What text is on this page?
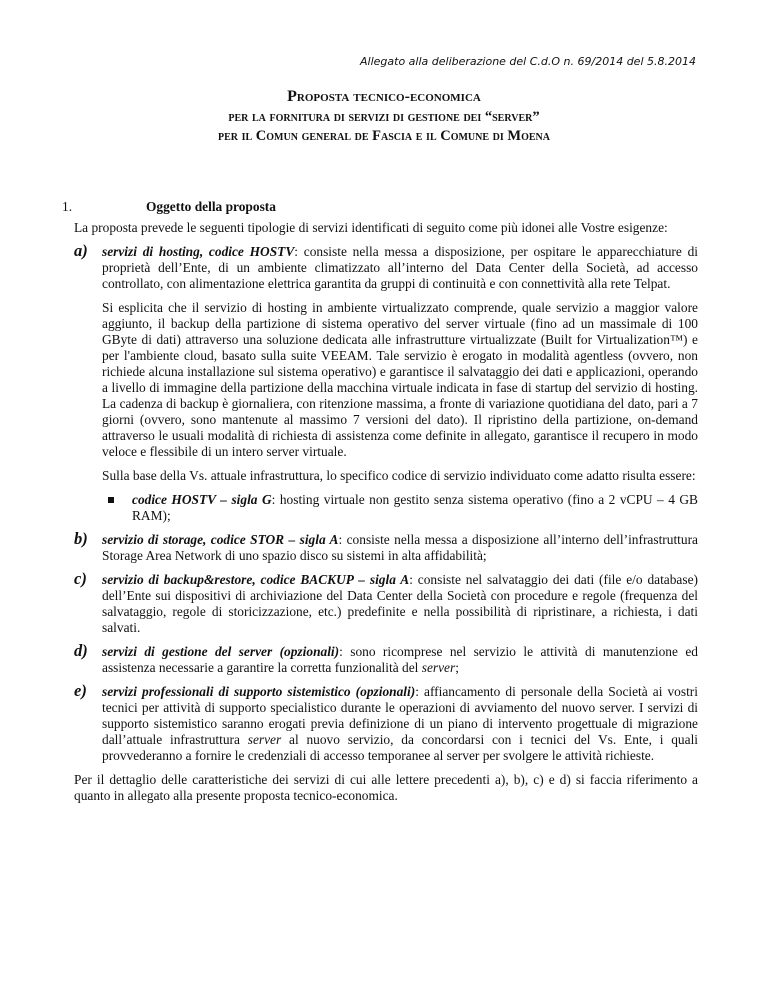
Allegato alla deliberazione del C.d.O n. 69/2014 del 5.8.2014
Proposta tecnico-economica
per la fornitura di servizi di gestione dei “server”
per il Comun general de Fascia e il Comune di Moena
1.	Oggetto della proposta

La proposta prevede le seguenti tipologie di servizi identificati di seguito come più idonei alle Vostre esigenze:

a) servizi di hosting, codice HOSTV: consiste nella messa a disposizione, per ospitare le apparecchiature di proprietà dell’Ente, di un ambiente climatizzato all’interno del Data Center della Società, ad accesso controllato, con alimentazione elettrica garantita da gruppi di continuità e con connettività alla rete Telpat.

Si esplicita che il servizio di hosting in ambiente virtualizzato comprende, quale servizio a maggior valore aggiunto, il backup della partizione di sistema operativo del server virtuale (fino ad un massimale di 100 GByte di dati) attraverso una soluzione dedicata alle infrastrutture virtualizzate (Built for Virtualization™) e per l'ambiente cloud, basato sulla suite VEEAM. Tale servizio è erogato in modalità agentless (ovvero, non richiede alcuna installazione sul sistema operativo) e garantisce il salvataggio dei dati e applicazioni, operando a livello di immagine della partizione della macchina virtuale indicata in fase di startup del servizio di hosting. La cadenza di backup è giornaliera, con ritenzione massima, a fronte di variazione quotidiana del dato, pari a 7 giorni (ovvero, sono mantenute al massimo 7 versioni del dato). Il ripristino della partizione, on-demand attraverso le usuali modalità di richiesta di assistenza come definite in allegato, garantisce il recupero in modo veloce e flessibile di un intero server virtuale.

Sulla base della Vs. attuale infrastruttura, lo specifico codice di servizio individuato come adatto risulta essere:

codice HOSTV – sigla G: hosting virtuale non gestito senza sistema operativo (fino a 2 vCPU – 4 GB RAM);
b) servizio di storage, codice STOR – sigla A: consiste nella messa a disposizione all’interno dell’infrastruttura Storage Area Network di uno spazio disco su sistemi in alta affidabilità;
c) servizio di backup&restore, codice BACKUP – sigla A: consiste nel salvataggio dei dati (file e/o database) dell’Ente sui dispositivi di archiviazione del Data Center della Società con procedure e regole (frequenza del salvataggio, regole di storicizzazione, etc.) predefinite e nella possibilità di ripristinare, a richiesta, i dati salvati.
d) servizi di gestione del server (opzionali): sono ricomprese nel servizio le attività di manutenzione ed assistenza necessarie a garantire la corretta funzionalità del server;
e) servizi professionali di supporto sistemistico (opzionali): affiancamento di personale della Società ai vostri tecnici per attività di supporto specialistico durante le operazioni di avviamento del nuovo server. I servizi di supporto sistemistico saranno erogati previa definizione di un piano di intervento progettuale di migrazione dall’attuale infrastruttura server al nuovo servizio, da concordarsi con i tecnici del Vs. Ente, i quali provvederanno a fornire le credenziali di accesso temporanee al server per svolgere le attività richieste.

Per il dettaglio delle caratteristiche dei servizi di cui alle lettere precedenti a), b), c) e d) si faccia riferimento a quanto in allegato alla presente proposta tecnico-economica.
